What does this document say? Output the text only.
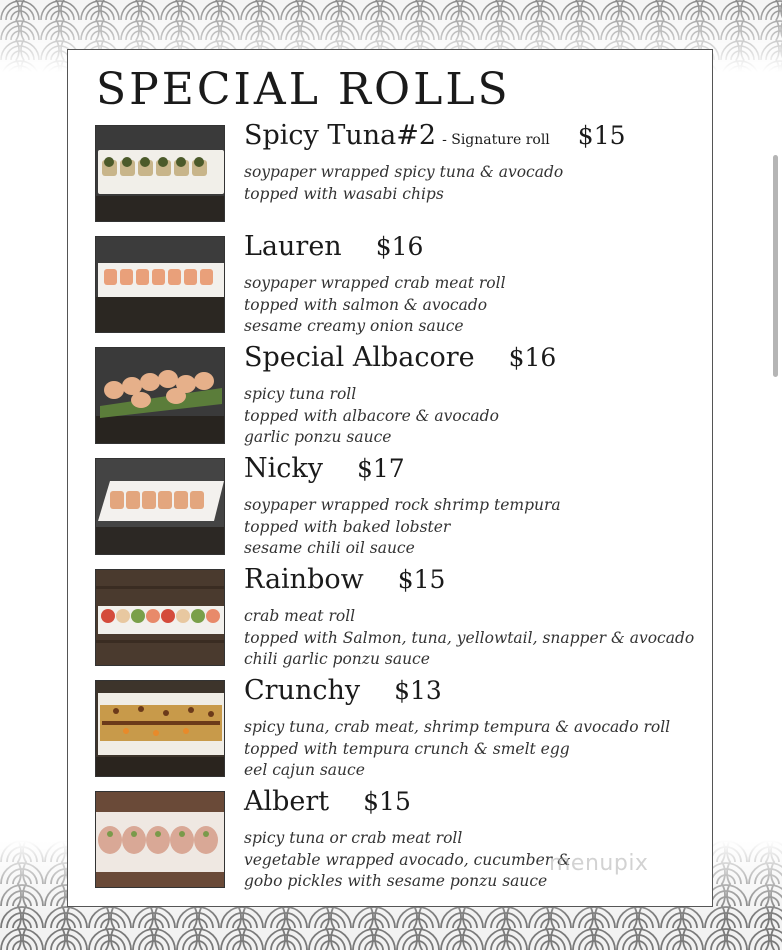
SPECIAL ROLLS
Spicy Tuna#2 - Signature roll $15
soypaper wrapped spicy tuna & avocado
topped with wasabi chips
Lauren $16
soypaper wrapped crab meat roll
topped with salmon & avocado
sesame creamy onion sauce
Special Albacore $16
spicy tuna roll
topped with albacore & avocado
garlic ponzu sauce
Nicky $17
soypaper wrapped rock shrimp tempura
topped with baked lobster
sesame chili oil sauce
Rainbow $15
crab meat roll
topped with Salmon, tuna, yellowtail, snapper & avocado
chili garlic ponzu sauce
Crunchy $13
spicy tuna, crab meat, shrimp tempura & avocado roll
topped with tempura crunch & smelt egg
eel cajun sauce
Albert $15
spicy tuna or crab meat roll
vegetable wrapped avocado, cucumber &
gobo pickles with sesame ponzu sauce
menupix
